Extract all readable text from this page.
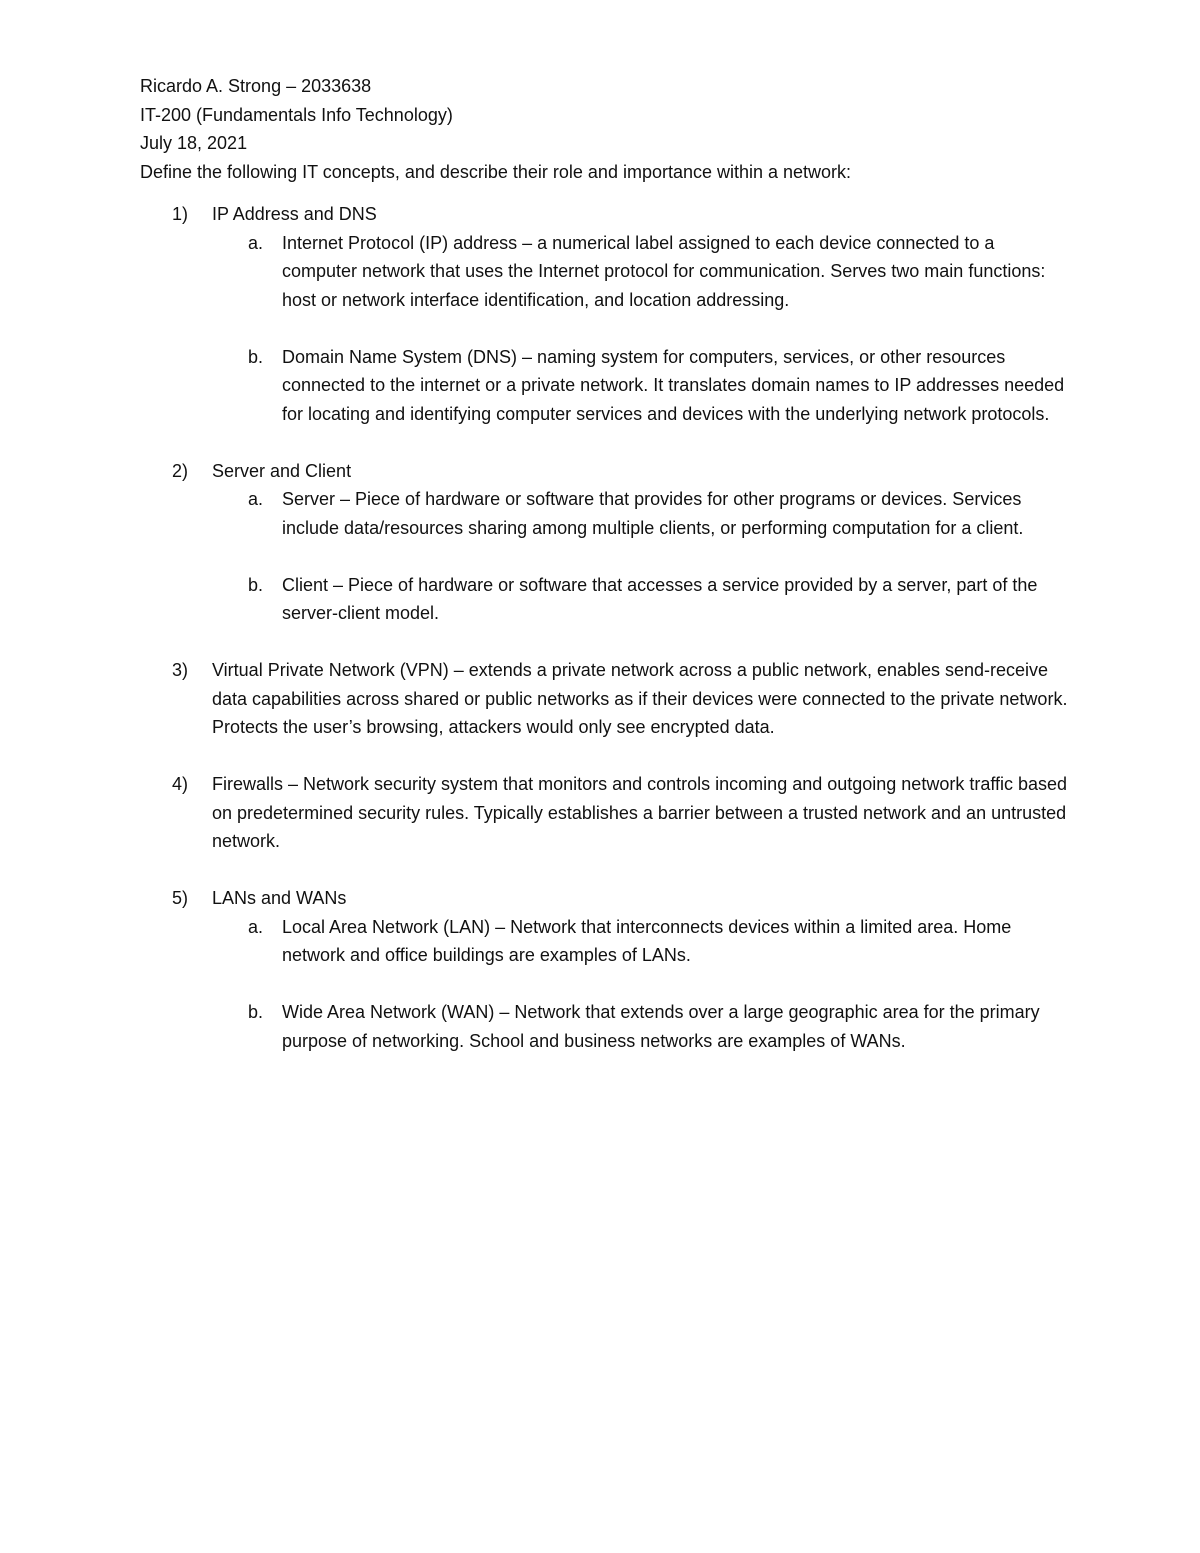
Ricardo A. Strong – 2033638

IT-200 (Fundamentals Info Technology)

July 18, 2021

Define the following IT concepts, and describe their role and importance within a network:

1) IP Address and DNS

a. Internet Protocol (IP) address – a numerical label assigned to each device connected to a computer network that uses the Internet protocol for communication. Serves two main functions: host or network interface identification, and location addressing.

b. Domain Name System (DNS) – naming system for computers, services, or other resources connected to the internet or a private network. It translates domain names to IP addresses needed for locating and identifying computer services and devices with the underlying network protocols.

2) Server and Client

a. Server – Piece of hardware or software that provides for other programs or devices. Services include data/resources sharing among multiple clients, or performing computation for a client.

b. Client – Piece of hardware or software that accesses a service provided by a server, part of the server-client model.

3) Virtual Private Network (VPN) – extends a private network across a public network, enables send-receive data capabilities across shared or public networks as if their devices were connected to the private network. Protects the user’s browsing, attackers would only see encrypted data.

4) Firewalls – Network security system that monitors and controls incoming and outgoing network traffic based on predetermined security rules. Typically establishes a barrier between a trusted network and an untrusted network.

5) LANs and WANs

a. Local Area Network (LAN) – Network that interconnects devices within a limited area. Home network and office buildings are examples of LANs.

b. Wide Area Network (WAN) – Network that extends over a large geographic area for the primary purpose of networking. School and business networks are examples of WANs.
